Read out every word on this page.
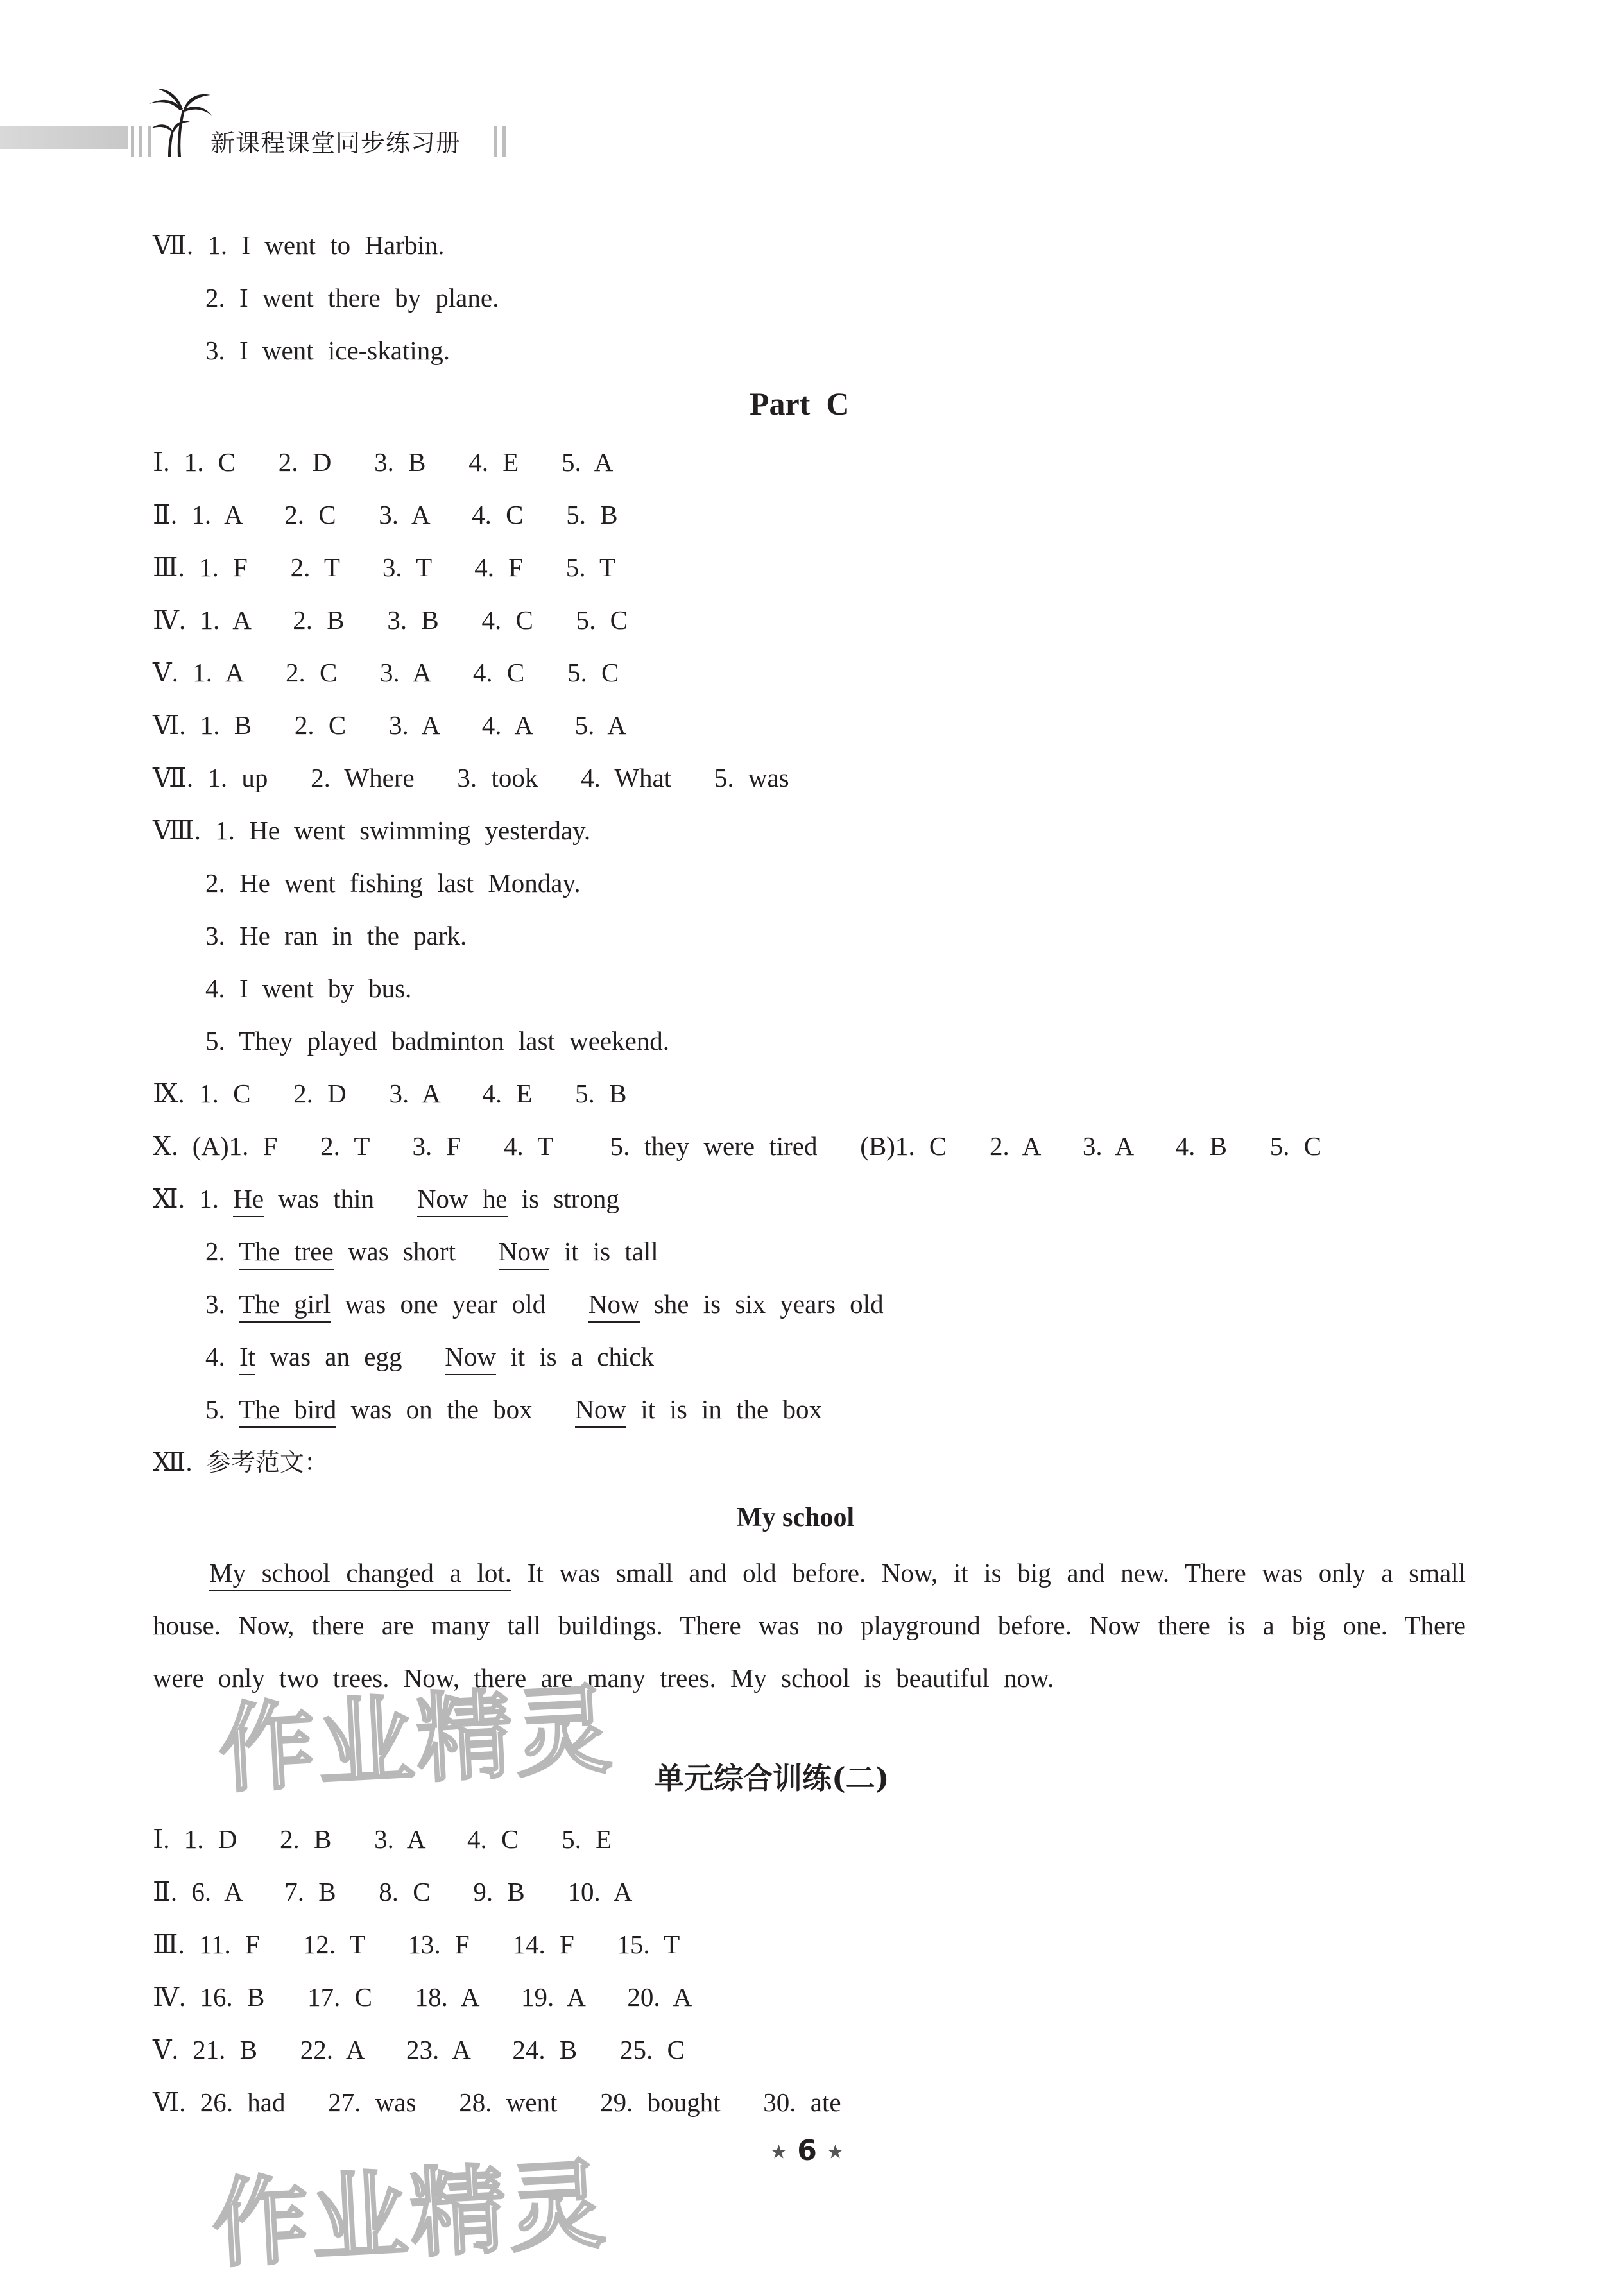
新课程课堂同步练习册
Ⅶ. 1. I went to Harbin.
2. I went there by plane.
3. I went ice-skating.
Part  C
Ⅰ. 1. C   2. D   3. B   4. E   5. A
Ⅱ. 1. A   2. C   3. A   4. C   5. B
Ⅲ. 1. F   2. T   3. T   4. F   5. T
Ⅳ. 1. A   2. B   3. B   4. C   5. C
Ⅴ. 1. A   2. C   3. A   4. C   5. C
Ⅵ. 1. B   2. C   3. A   4. A   5. A
Ⅶ. 1. up   2. Where   3. took   4. What   5. was
Ⅷ. 1. He went swimming yesterday.
2. He went fishing last Monday.
3. He ran in the park.
4. I went by bus.
5. They played badminton last weekend.
Ⅸ. 1. C   2. D   3. A   4. E   5. B
Ⅹ. (A)1. F   2. T   3. F   4. T    5. they were tired   (B)1. C   2. A   3. A   4. B   5. C
Ⅺ. 1. He was thin Now he is strong
2. The tree was short Now it is tall
3. The girl was one year old Now she is six years old
4. It was an egg Now it is a chick
5. The bird was on the box Now it is in the box
Ⅻ. 参考范文：
My school
My school changed a lot. It was small and old before. Now, it is big and new. There was only a small house. Now, there are many tall buildings. There was no playground before. Now there is a big one. There were only two trees. Now, there are many trees. My school is beautiful now.
作业精灵 单元综合训练(二)
Ⅰ. 1. D   2. B   3. A   4. C   5. E
Ⅱ. 6. A   7. B   8. C   9. B   10. A
Ⅲ. 11. F   12. T   13. F   14. F   15. T
Ⅳ. 16. B   17. C   18. A   19. A   20. A
Ⅴ. 21. B   22. A   23. A   24. B   25. C
Ⅵ. 26. had   27. was   28. went   29. bought   30. ate
作业精灵	★ 6 ★
